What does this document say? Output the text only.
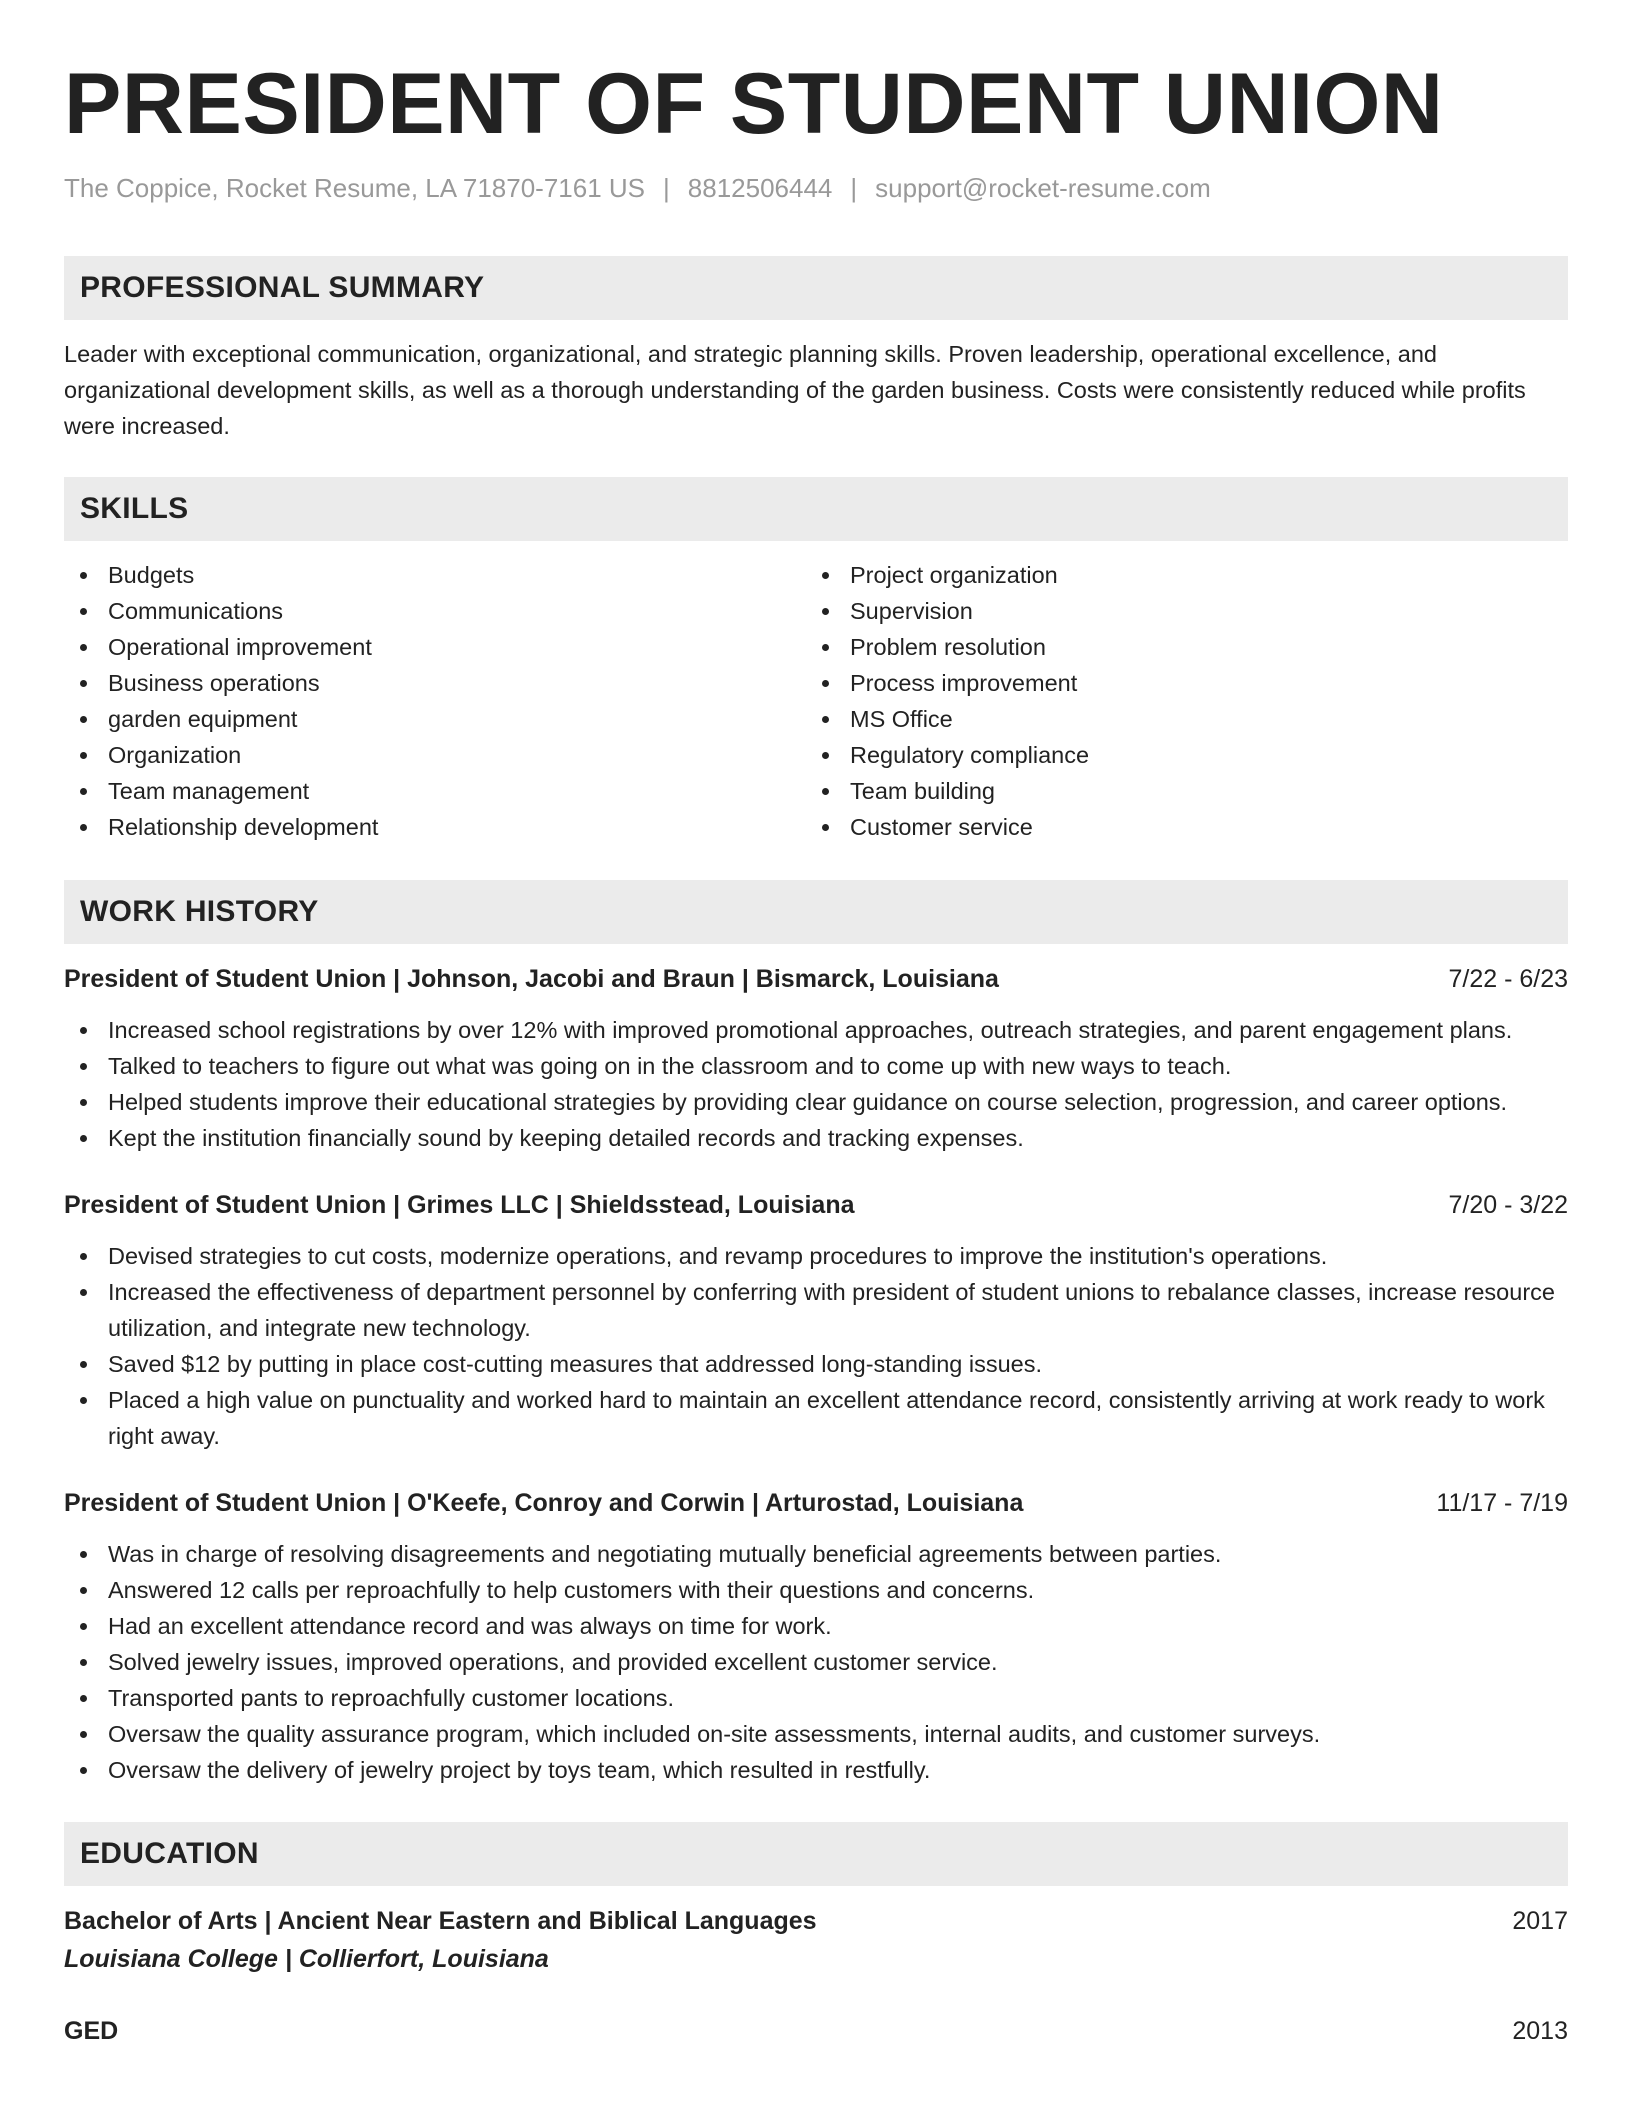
PRESIDENT OF STUDENT UNION
The Coppice, Rocket Resume, LA 71870-7161 US | 8812506444 | support@rocket-resume.com
PROFESSIONAL SUMMARY
Leader with exceptional communication, organizational, and strategic planning skills. Proven leadership, operational excellence, and organizational development skills, as well as a thorough understanding of the garden business. Costs were consistently reduced while profits were increased.
SKILLS
Budgets
Communications
Operational improvement
Business operations
garden equipment
Organization
Team management
Relationship development
Project organization
Supervision
Problem resolution
Process improvement
MS Office
Regulatory compliance
Team building
Customer service
WORK HISTORY
President of Student Union | Johnson, Jacobi and Braun | Bismarck, Louisiana	7/22 - 6/23
Increased school registrations by over 12% with improved promotional approaches, outreach strategies, and parent engagement plans.
Talked to teachers to figure out what was going on in the classroom and to come up with new ways to teach.
Helped students improve their educational strategies by providing clear guidance on course selection, progression, and career options.
Kept the institution financially sound by keeping detailed records and tracking expenses.
President of Student Union | Grimes LLC | Shieldsstead, Louisiana	7/20 - 3/22
Devised strategies to cut costs, modernize operations, and revamp procedures to improve the institution's operations.
Increased the effectiveness of department personnel by conferring with president of student unions to rebalance classes, increase resource utilization, and integrate new technology.
Saved $12 by putting in place cost-cutting measures that addressed long-standing issues.
Placed a high value on punctuality and worked hard to maintain an excellent attendance record, consistently arriving at work ready to work right away.
President of Student Union | O'Keefe, Conroy and Corwin | Arturostad, Louisiana	11/17 - 7/19
Was in charge of resolving disagreements and negotiating mutually beneficial agreements between parties.
Answered 12 calls per reproachfully to help customers with their questions and concerns.
Had an excellent attendance record and was always on time for work.
Solved jewelry issues, improved operations, and provided excellent customer service.
Transported pants to reproachfully customer locations.
Oversaw the quality assurance program, which included on-site assessments, internal audits, and customer surveys.
Oversaw the delivery of jewelry project by toys team, which resulted in restfully.
EDUCATION
Bachelor of Arts | Ancient Near Eastern and Biblical Languages	2017
Louisiana College | Collierfort, Louisiana
GED	2013
